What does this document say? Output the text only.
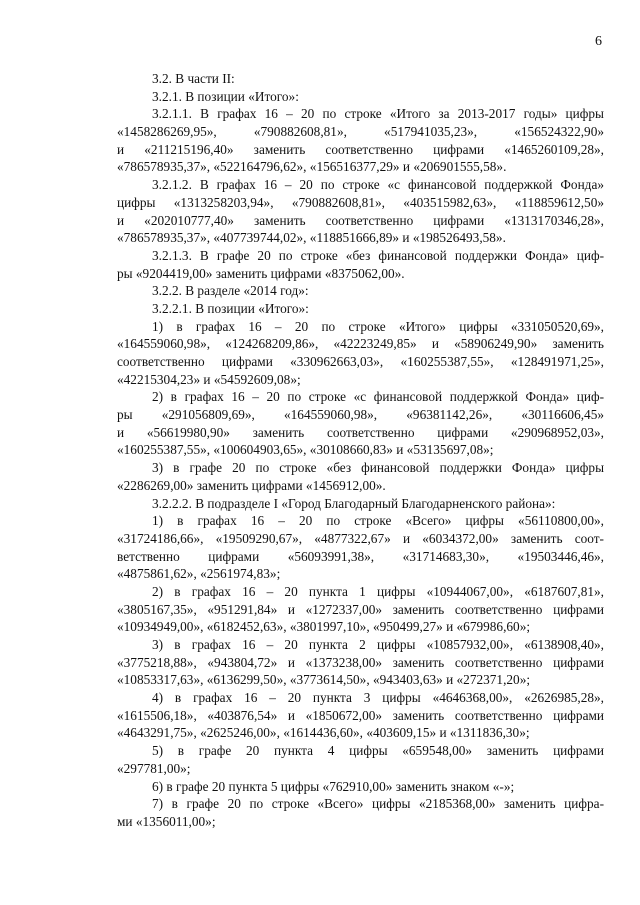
6
3.2. В части II:
3.2.1. В позиции «Итого»:
3.2.1.1. В графах 16 – 20 по строке «Итого за 2013-2017 годы» цифры
«1458286269,95», «790882608,81», «517941035,23», «156524322,90»
и «211215196,40» заменить соответственно цифрами «1465260109,28»,
«786578935,37», «522164796,62», «156516377,29» и «206901555,58».
3.2.1.2. В графах 16 – 20 по строке «с финансовой поддержкой Фонда»
цифры «1313258203,94», «790882608,81», «403515982,63», «118859612,50»
и «202010777,40» заменить соответственно цифрами «1313170346,28»,
«786578935,37», «407739744,02», «118851666,89» и «198526493,58».
3.2.1.3. В графе 20 по строке «без финансовой поддержки Фонда» циф-
ры «9204419,00» заменить цифрами «8375062,00».
3.2.2. В разделе «2014 год»:
3.2.2.1. В позиции «Итого»:
1) в графах 16 – 20 по строке «Итого» цифры «331050520,69»,
«164559060,98», «124268209,86», «42223249,85» и «58906249,90» заменить
соответственно цифрами «330962663,03», «160255387,55», «128491971,25»,
«42215304,23» и «54592609,08»;
2) в графах 16 – 20 по строке «с финансовой поддержкой Фонда» циф-
ры «291056809,69», «164559060,98», «96381142,26», «30116606,45»
и «56619980,90» заменить соответственно цифрами «290968952,03»,
«160255387,55», «100604903,65», «30108660,83» и «53135697,08»;
3) в графе 20 по строке «без финансовой поддержки Фонда» цифры
«2286269,00» заменить цифрами «1456912,00».
3.2.2.2. В подразделе I «Город Благодарный Благодарненского района»:
1) в графах 16 – 20 по строке «Всего» цифры «56110800,00»,
«31724186,66», «19509290,67», «4877322,67» и «6034372,00» заменить соот-
ветственно цифрами «56093991,38», «31714683,30», «19503446,46»,
«4875861,62», «2561974,83»;
2) в графах 16 – 20 пункта 1 цифры «10944067,00», «6187607,81»,
«3805167,35», «951291,84» и «1272337,00» заменить соответственно цифрами
«10934949,00», «6182452,63», «3801997,10», «950499,27» и «679986,60»;
3) в графах 16 – 20 пункта 2 цифры «10857932,00», «6138908,40»,
«3775218,88», «943804,72» и «1373238,00» заменить соответственно цифрами
«10853317,63», «6136299,50», «3773614,50», «943403,63» и «272371,20»;
4) в графах 16 – 20 пункта 3 цифры «4646368,00», «2626985,28»,
«1615506,18», «403876,54» и «1850672,00» заменить соответственно цифрами
«4643291,75», «2625246,00», «1614436,60», «403609,15» и «1311836,30»;
5) в графе 20 пункта 4 цифры «659548,00» заменить цифрами
«297781,00»;
6) в графе 20 пункта 5 цифры «762910,00» заменить знаком «-»;
7) в графе 20 по строке «Всего» цифры «2185368,00» заменить цифра-
ми «1356011,00»;
